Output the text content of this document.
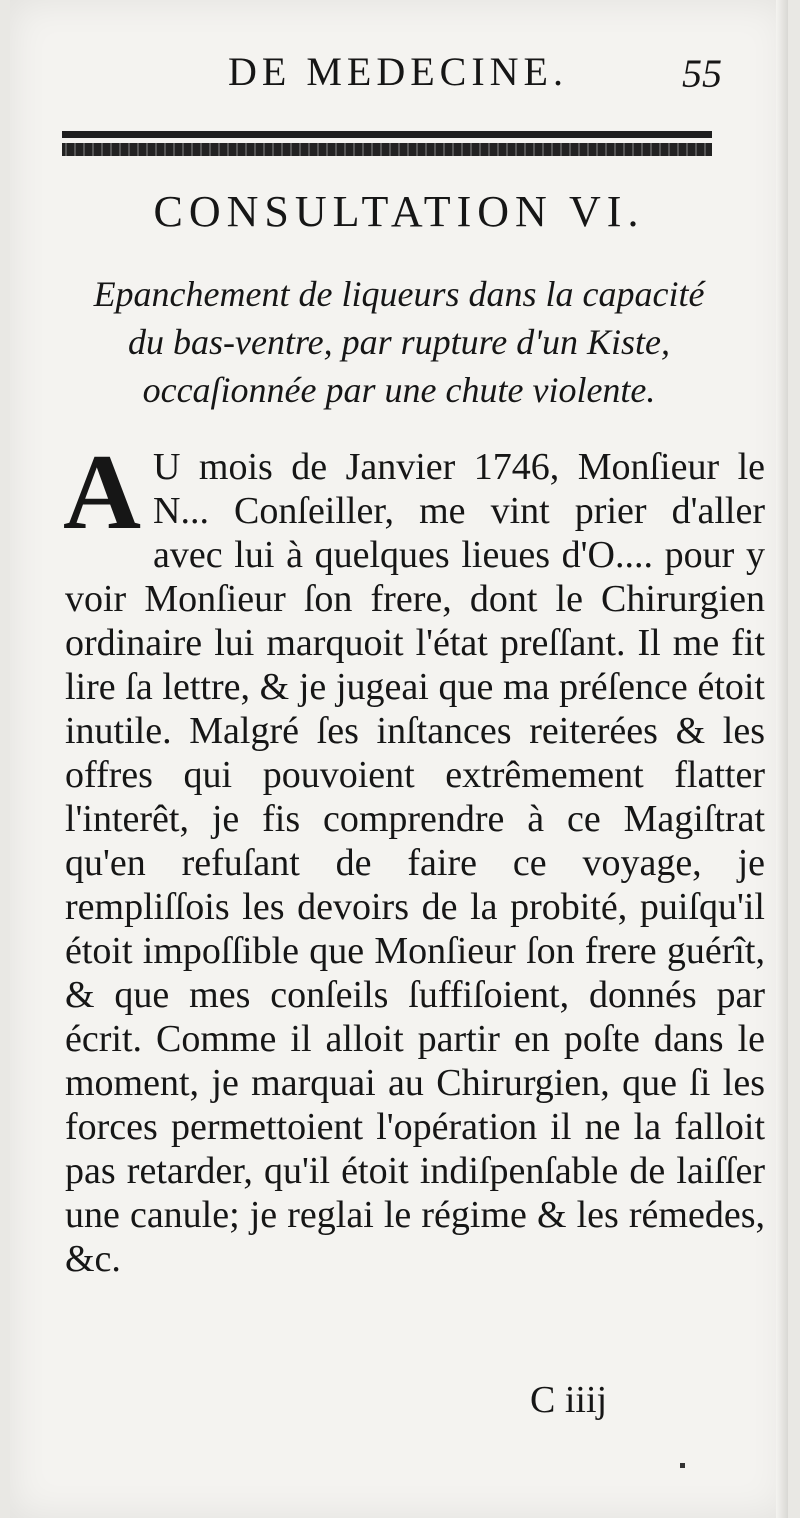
DE MEDECINE.	55
CONSULTATION VI.
Epanchement de liqueurs dans la capacité
du bas-ventre, par rupture d'un Kiste,
occaſionnée par une chute violente.
A U mois de Janvier 1746, Monſieur le N... Conſeiller, me vint prier d'aller avec lui à quelques lieues d'O.... pour y voir Monſieur ſon frere, dont le Chirurgien ordinaire lui marquoit l'état preſſant. Il me fit lire ſa lettre, & je jugeai que ma préſence étoit inutile. Malgré ſes inſtances reiterées & les offres qui pouvoient extrêmement flatter l'interêt, je fis comprendre à ce Magiſtrat qu'en refuſant de faire ce voyage, je rempliſſois les devoirs de la probité, puiſqu'il étoit impoſſible que Monſieur ſon frere guérît, & que mes conſeils ſuffiſoient, donnés par écrit. Comme il alloit partir en poſte dans le moment, je marquai au Chirurgien, que ſi les forces permettoient l'opération il ne la falloit pas retarder, qu'il étoit indiſpenſable de laiſſer une canule; je reglai le régime & les rémedes, &c.
C iiij
